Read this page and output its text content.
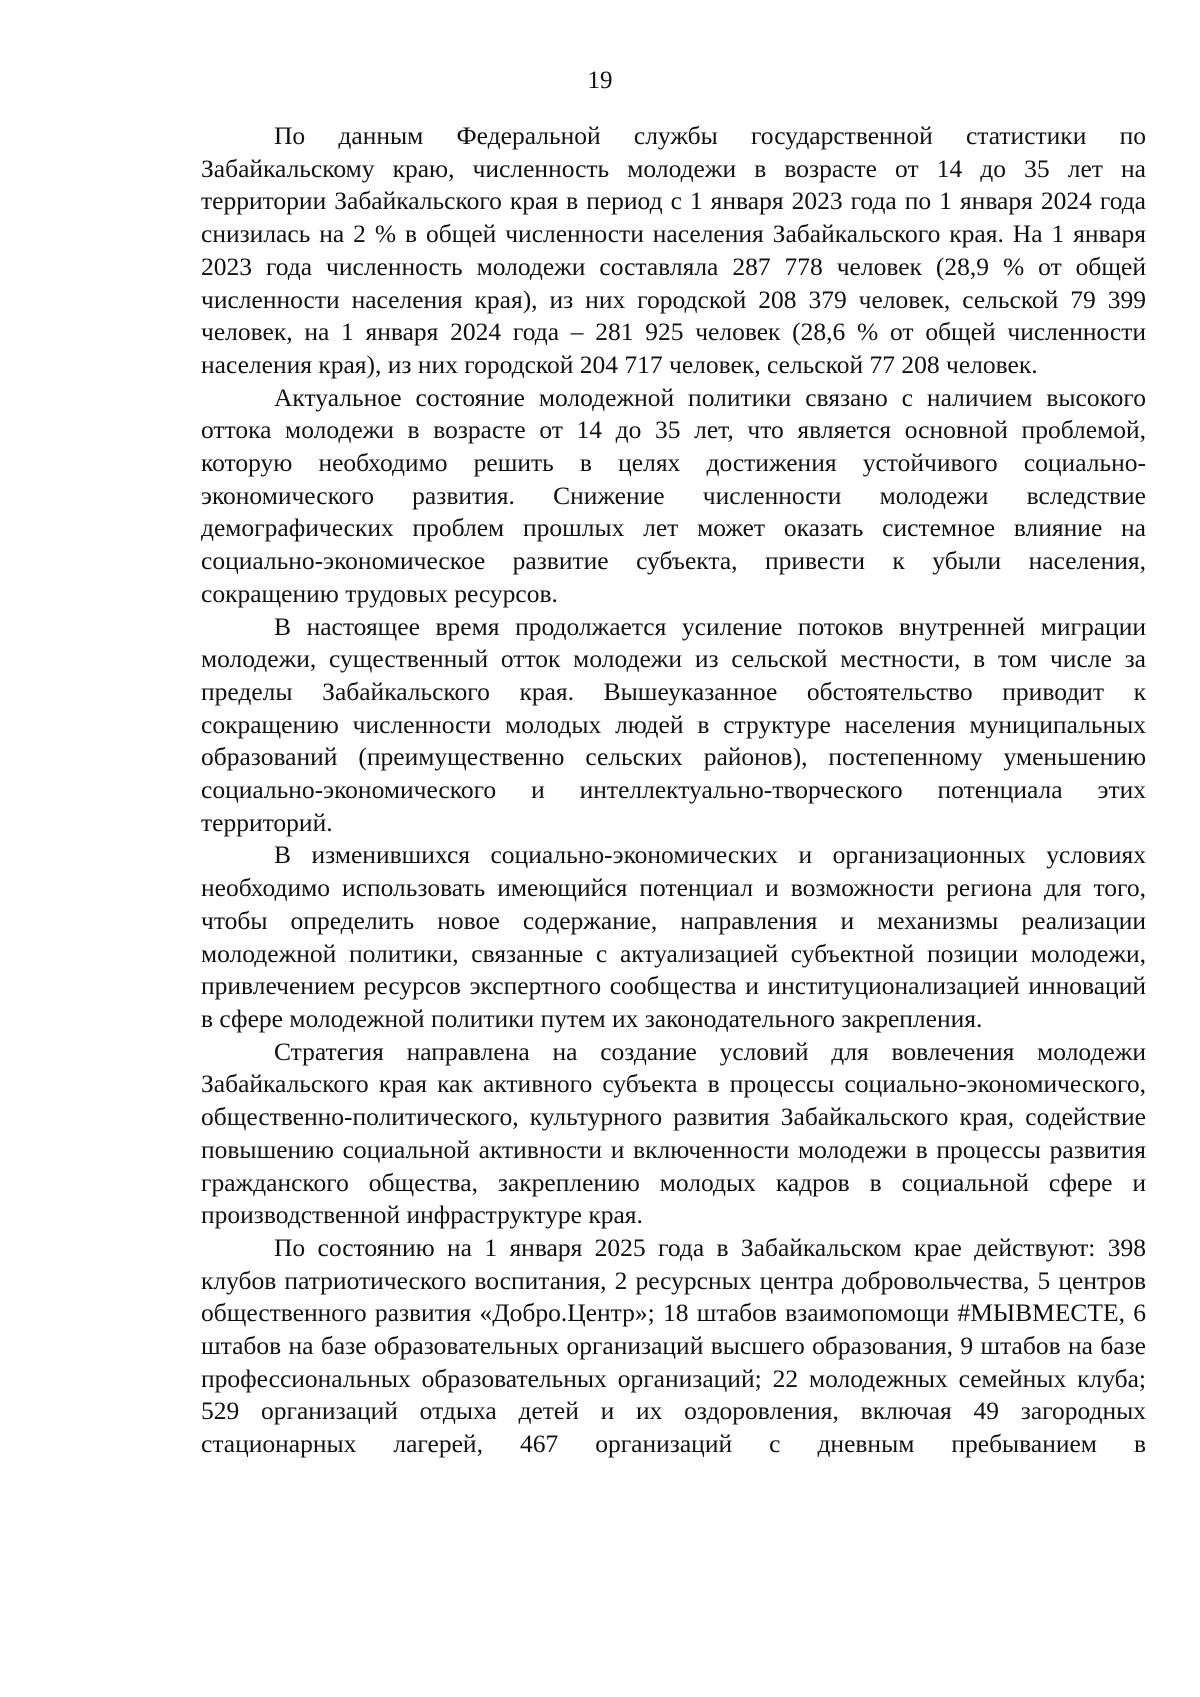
19

По данным Федеральной службы государственной статистики по Забайкальскому краю, численность молодежи в возрасте от 14 до 35 лет на территории Забайкальского края в период с 1 января 2023 года по 1 января 2024 года снизилась на 2 % в общей численности населения Забайкальского края. На 1 января 2023 года численность молодежи составляла 287 778 человек (28,9 % от общей численности населения края), из них городской 208 379 человек, сельской 79 399 человек, на 1 января 2024 года – 281 925 человек (28,6 % от общей численности населения края), из них городской 204 717 человек, сельской 77 208 человек.

Актуальное состояние молодежной политики связано с наличием высокого оттока молодежи в возрасте от 14 до 35 лет, что является основной проблемой, которую необходимо решить в целях достижения устойчивого социально-экономического развития. Снижение численности молодежи вследствие демографических проблем прошлых лет может оказать системное влияние на социально-экономическое развитие субъекта, привести к убыли населения, сокращению трудовых ресурсов.

В настоящее время продолжается усиление потоков внутренней миграции молодежи, существенный отток молодежи из сельской местности, в том числе за пределы Забайкальского края. Вышеуказанное обстоятельство приводит к сокращению численности молодых людей в структуре населения муниципальных образований (преимущественно сельских районов), постепенному уменьшению социально-экономического и интеллектуально-творческого потенциала этих территорий.

В изменившихся социально-экономических и организационных условиях необходимо использовать имеющийся потенциал и возможности региона для того, чтобы определить новое содержание, направления и механизмы реализации молодежной политики, связанные с актуализацией субъектной позиции молодежи, привлечением ресурсов экспертного сообщества и институционализацией инноваций в сфере молодежной политики путем их законодательного закрепления.

Стратегия направлена на создание условий для вовлечения молодежи Забайкальского края как активного субъекта в процессы социально-экономического, общественно-политического, культурного развития Забайкальского края, содействие повышению социальной активности и включенности молодежи в процессы развития гражданского общества, закреплению молодых кадров в социальной сфере и производственной инфраструктуре края.

По состоянию на 1 января 2025 года в Забайкальском крае действуют: 398 клубов патриотического воспитания, 2 ресурсных центра добровольчества, 5 центров общественного развития «Добро.Центр»; 18 штабов взаимопомощи #МЫВМЕСТЕ, 6 штабов на базе образовательных организаций высшего образования, 9 штабов на базе профессиональных образовательных организаций; 22 молодежных семейных клуба; 529 организаций отдыха детей и их оздоровления, включая 49 загородных стационарных лагерей, 467 организаций с дневным пребыванием в
